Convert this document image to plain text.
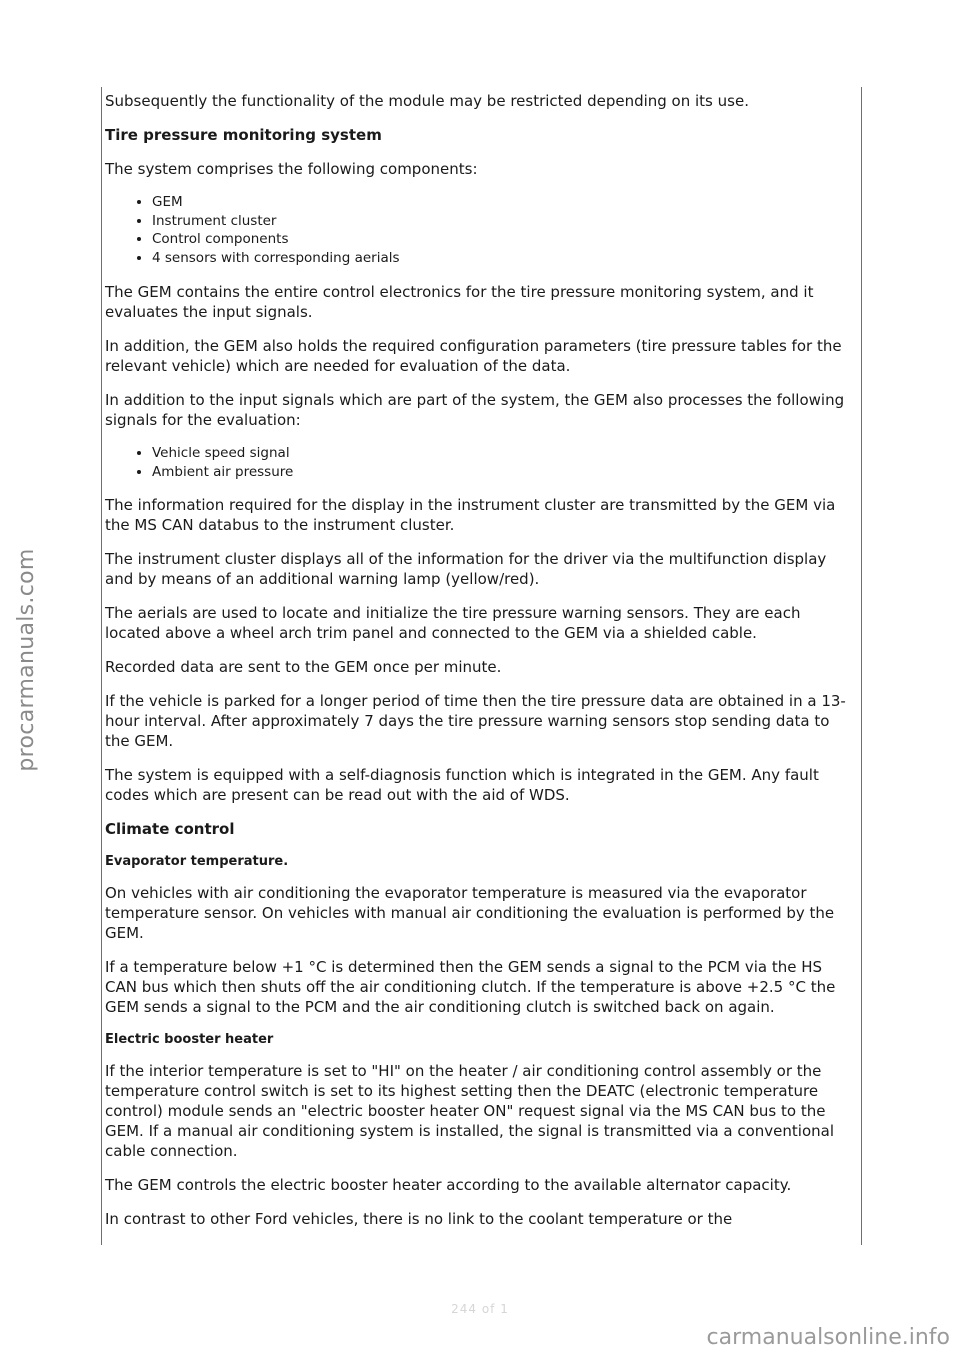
Subsequently the functionality of the module may be restricted depending on its use.

Tire pressure monitoring system

The system comprises the following components:

• GEM
• Instrument cluster
• Control components
• 4 sensors with corresponding aerials

The GEM contains the entire control electronics for the tire pressure monitoring system, and it evaluates the input signals.

In addition, the GEM also holds the required configuration parameters (tire pressure tables for the relevant vehicle) which are needed for evaluation of the data.

In addition to the input signals which are part of the system, the GEM also processes the following signals for the evaluation:

• Vehicle speed signal
• Ambient air pressure

The information required for the display in the instrument cluster are transmitted by the GEM via the MS CAN databus to the instrument cluster.

The instrument cluster displays all of the information for the driver via the multifunction display and by means of an additional warning lamp (yellow/red).

The aerials are used to locate and initialize the tire pressure warning sensors. They are each located above a wheel arch trim panel and connected to the GEM via a shielded cable.

Recorded data are sent to the GEM once per minute.

If the vehicle is parked for a longer period of time then the tire pressure data are obtained in a 13-hour interval. After approximately 7 days the tire pressure warning sensors stop sending data to the GEM.

The system is equipped with a self-diagnosis function which is integrated in the GEM. Any fault codes which are present can be read out with the aid of WDS.

Climate control
Evaporator temperature.

On vehicles with air conditioning the evaporator temperature is measured via the evaporator temperature sensor. On vehicles with manual air conditioning the evaluation is performed by the GEM.

If a temperature below +1 °C is determined then the GEM sends a signal to the PCM via the HS CAN bus which then shuts off the air conditioning clutch. If the temperature is above +2.5 °C the GEM sends a signal to the PCM and the air conditioning clutch is switched back on again.

Electric booster heater

If the interior temperature is set to "HI" on the heater / air conditioning control assembly or the temperature control switch is set to its highest setting then the DEATC (electronic temperature control) module sends an "electric booster heater ON" request signal via the MS CAN bus to the GEM. If a manual air conditioning system is installed, the signal is transmitted via a conventional cable connection.

The GEM controls the electric booster heater according to the available alternator capacity.

In contrast to other Ford vehicles, there is no link to the coolant temperature or the

244 of 1
procarmanuals.com
carmanualsonline.info
